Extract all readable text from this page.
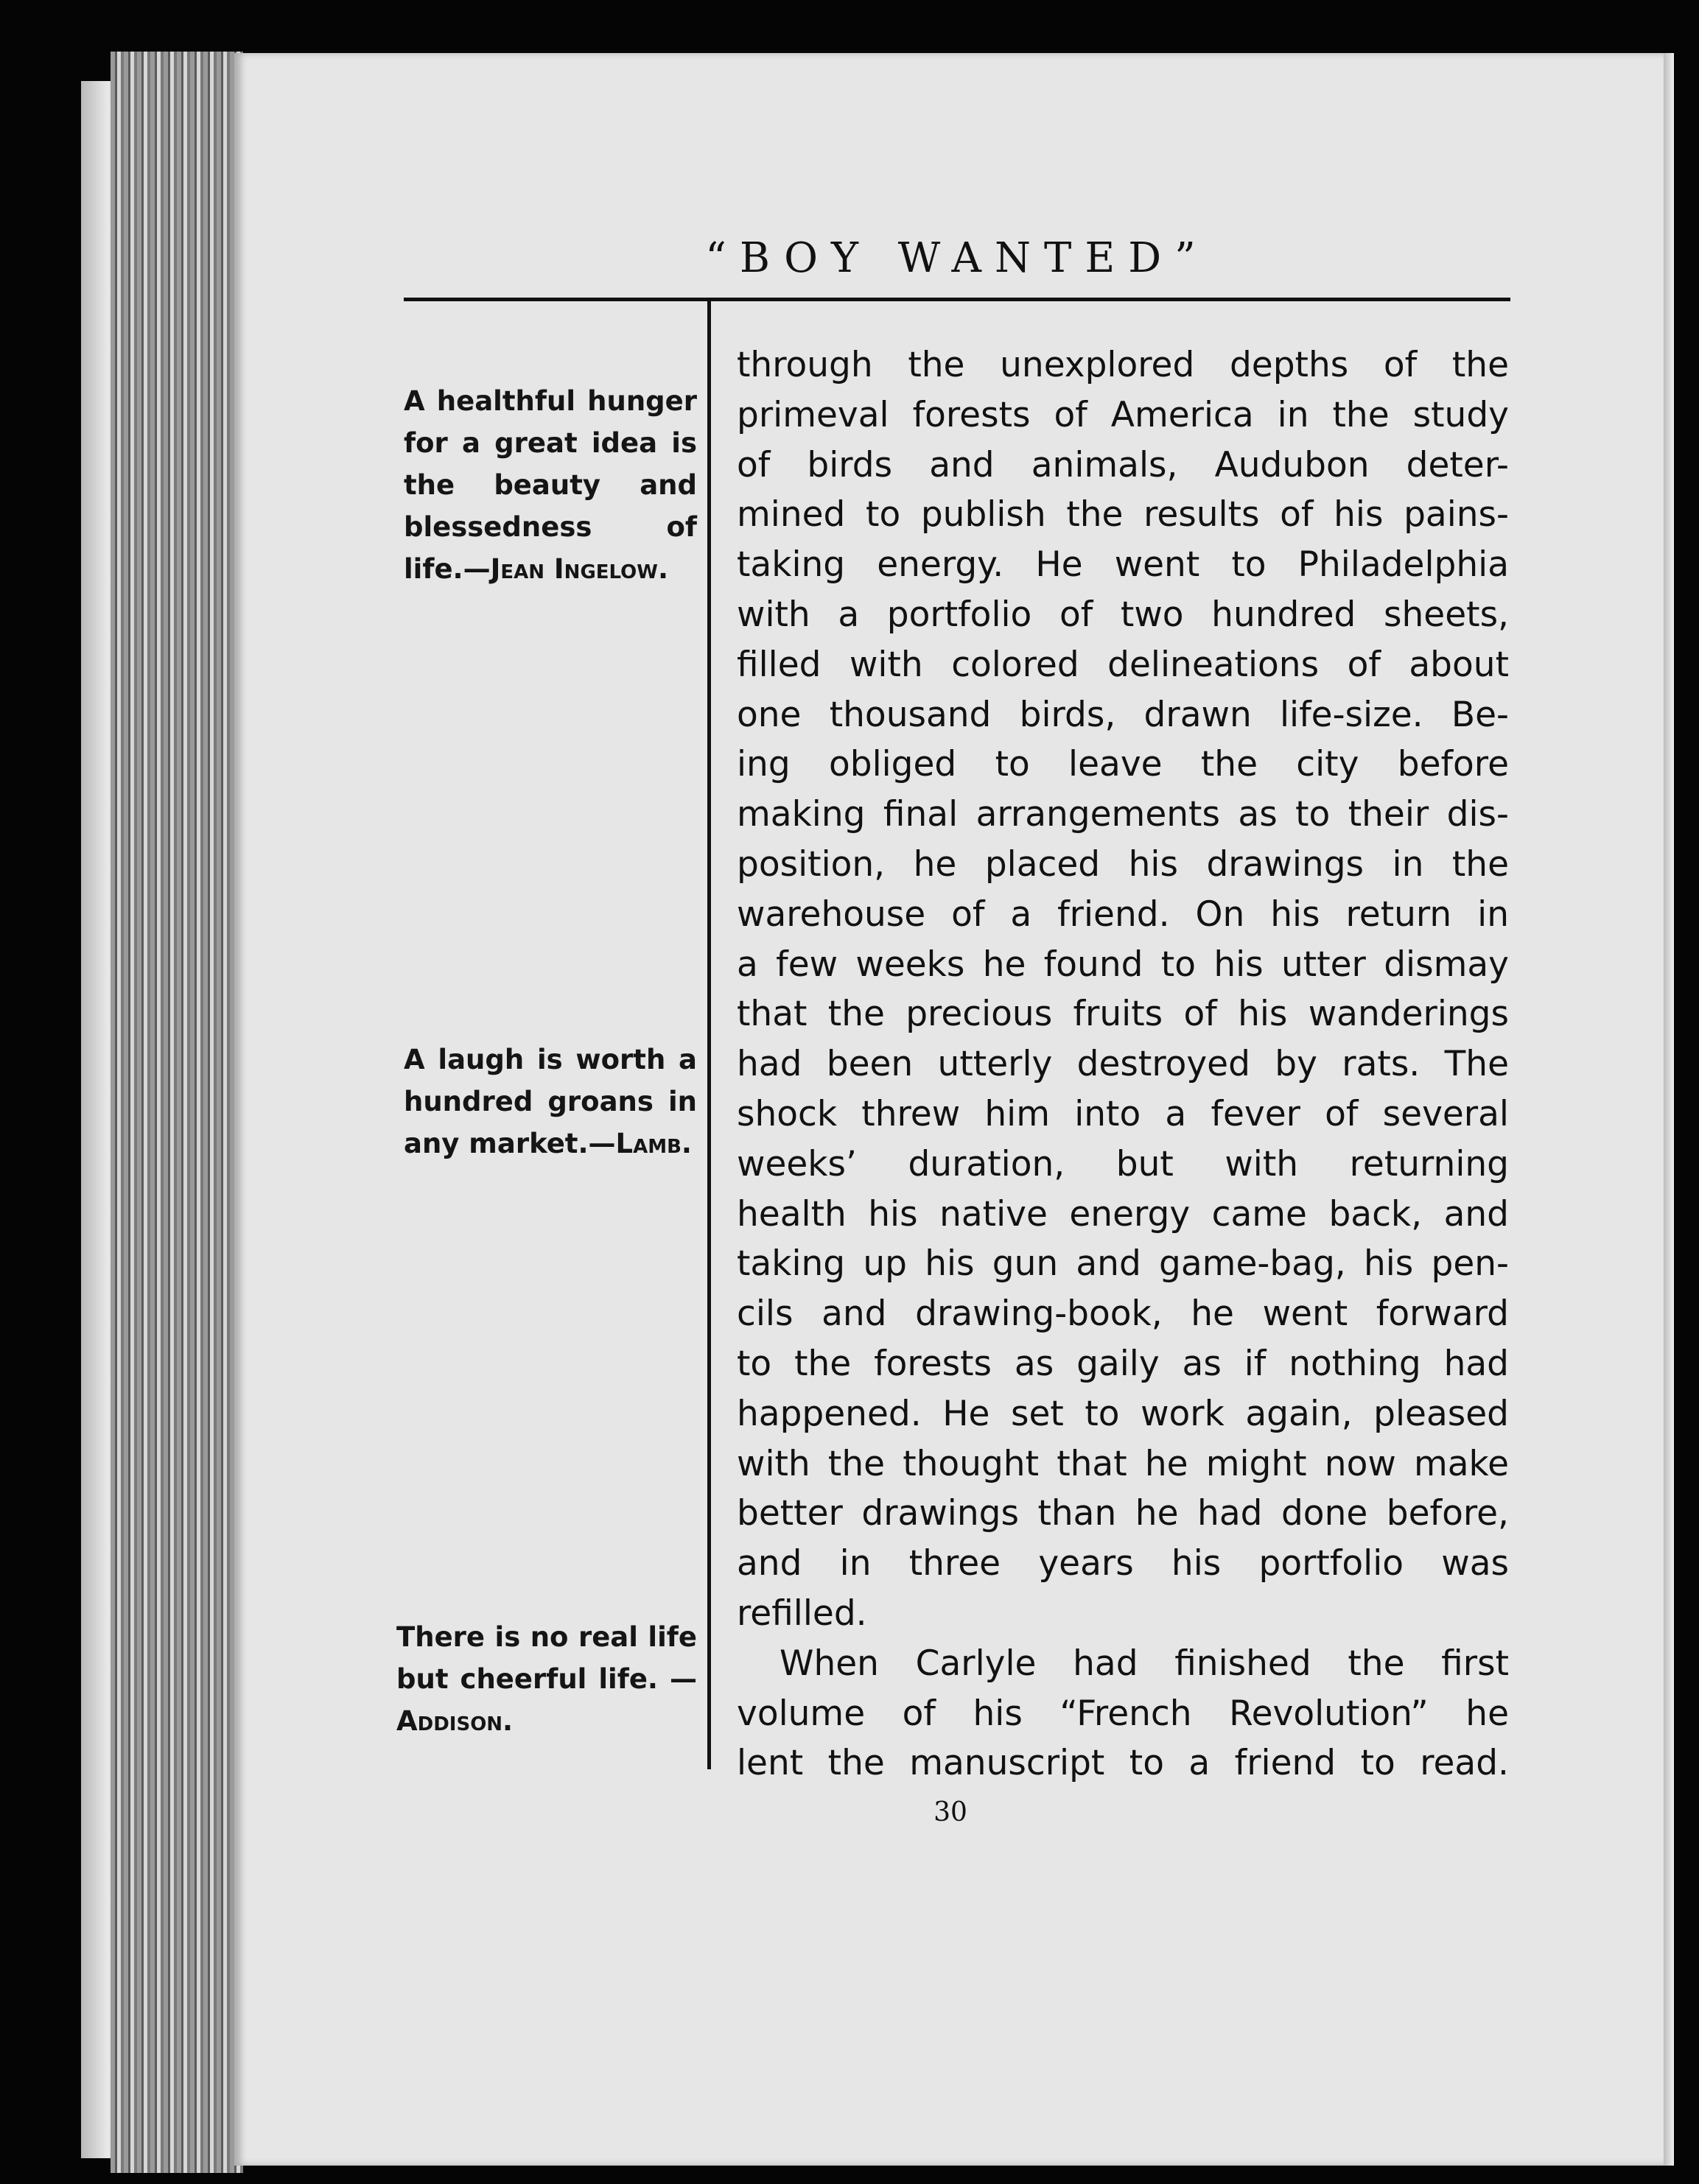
“BOY WANTED”
A healthful hunger for a great idea is the beauty and blessedness of life.—Jean Ingelow.
A laugh is worth a hundred groans in any market.—Lamb.
There is no real life but cheerful life. — Addison.
through the unexplored depths of the
primeval forests of America in the study
of birds and animals, Audubon deter-
mined to publish the results of his pains-
taking energy. He went to Philadelphia
with a portfolio of two hundred sheets,
filled with colored delineations of about
one thousand birds, drawn life-size. Be-
ing obliged to leave the city before
making final arrangements as to their dis-
position, he placed his drawings in the
warehouse of a friend. On his return in
a few weeks he found to his utter dismay
that the precious fruits of his wanderings
had been utterly destroyed by rats. The
shock threw him into a fever of several
weeks’ duration, but with returning
health his native energy came back, and
taking up his gun and game-bag, his pen-
cils and drawing-book, he went forward
to the forests as gaily as if nothing had
happened. He set to work again, pleased
with the thought that he might now make
better drawings than he had done before,
and in three years his portfolio was
refilled.
When Carlyle had finished the first
volume of his “French Revolution” he
lent the manuscript to a friend to read.
30
